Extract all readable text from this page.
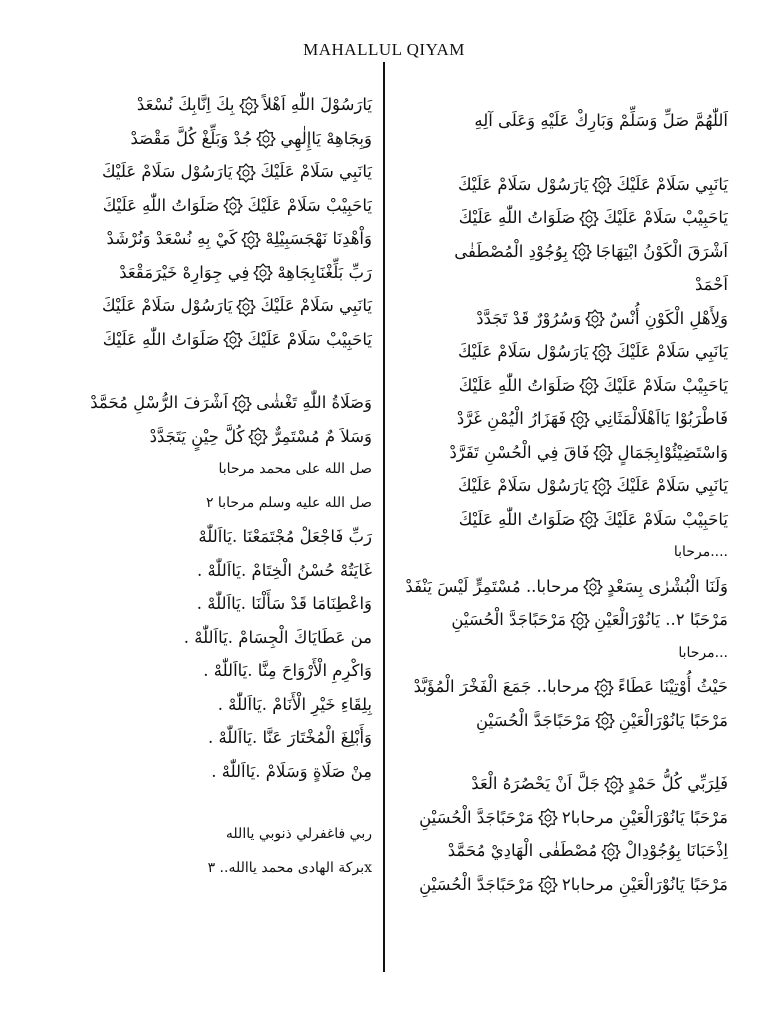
MAHALLUL QIYAM
يَارَسُوْلَ اللّٰهِ اَهْلاً
بِكَ اِنَّابِكَ نُسْعَدْ
وَبِجَاهِهْ يَاإِلٰهِي
جُدْ وَبَلِّغْ كُلَّ مَقْصَدْ
يَانَبِي سَلَامْ عَلَيْكَ
يَارَسُوْل سَلَامْ عَلَيْكَ
يَاحَبِيْبْ سَلَامْ عَلَيْكَ
صَلَوَاتُ اللّٰهِ عَلَيْكَ
وَاْهْدِنَا نَهْجَسَبِيْلِهْ
كَيْ بِهِ نُسْعَدْ وَنُرْشَدْ
رَبِّ بَلِّغْنَابِجَاهِهْ
فِي جِوَارِهْ خَيْرَمَقْعَدْ
يَانَبِي سَلَامْ عَلَيْكَ
يَارَسُوْل سَلَامْ عَلَيْكَ
يَاحَبِيْبْ سَلَامْ عَلَيْكَ
صَلَوَاتُ اللّٰهِ عَلَيْكَ
وَصَلَاةُ اللّٰهِ تَغْشٰى
اَشْرَفَ الرُّسْلِ مُحَمَّدْ
وَسَلاَ مٌ مُسْتَمِرٌّ
كُلَّ حِيْنٍ يَتَجَدَّدْ
صل الله على محمد مرحابا
صل الله عليه وسلم مرحابا ٢
رَبِّ فَاجْعَلْ مُجْتَمَعْنَا .يَااَللّٰهْ
غَايَتُهْ حُسْنُ الْخِتَامْ .يَااَللّٰهْ .
وَاعْطِنَامَا قَدْ سَأَلْنَا .يَااَللّٰهْ .
من عَطَايَاكَ الْجِسَامْ .يَااَللّٰهْ .
وَاكْرِمِ الْأَرْوَاحَ مِنَّا .يَااَللّٰهْ .
بِلِقَاءِ خَيْرِ الْأَنَامْ .يَااَللّٰهْ .
وَأَبْلِغَ الْمُخْتَارَ عَنَّا .يَااَللّٰهْ .
مِنْ صَلَاةٍ وَسَلَامْ .يَااَللّٰهْ .
ربي فاغفرلي ذنوبي ياالله
xبركة الهادى محمد ياالله.. ٣
اَللّٰهُمَّ صَلِّ وَسَلِّمْ وَبَارِكْ عَلَيْهِ وَعَلَى آلِهِ
يَانَبِي سَلَامْ عَلَيْكَ
يَارَسُوْل سَلَامْ عَلَيْكَ
يَاحَبِيْبْ سَلَامْ عَلَيْكَ
صَلَوَاتُ اللّٰهِ عَلَيْكَ
اَشْرَقَ الْكَوْنُ ابْتِهَاجَا
بِوُجُوْدِ الْمُصْطَفٰى
اَحْمَدْ
وَلِأَهْلِ الْكَوْنِ أُنْسٌ
وَسُرُوْرٌ قَدْ تَجَدَّدْ
يَانَبِي سَلَامْ عَلَيْكَ
يَارَسُوْل سَلَامْ عَلَيْكَ
يَاحَبِيْبْ سَلَامْ عَلَيْكَ
صَلَوَاتُ اللّٰهِ عَلَيْكَ
فَاطْرَبُوْا يَااَهْلَالْمَثَانِي
فَهَزَارُ الْيُمْنِ غَرَّدْ
وَاسْتَضِيْئُوْابِجَمَالٍ
فَاقَ فِي الْحُسْنِ تَفَرَّدْ
يَانَبِي سَلَامْ عَلَيْكَ
يَارَسُوْل سَلَامْ عَلَيْكَ
يَاحَبِيْبْ سَلَامْ عَلَيْكَ
صَلَوَاتُ اللّٰهِ عَلَيْكَ
....مرحابا
وَلَنَا الْبُشْرٰى بِسَعْدٍ
مرحابا.. مُسْتَمِرٍّ لَيْسَ يَنْفَدْ
مَرْحَبًا ٢.. يَانُوْرَالْعَيْنِ
مَرْحَبًاجَدَّ الْحُسَيْنِ
...مرحابا
حَيْثُ أُوْتِيْنَا عَطَاءً
مرحابا.. جَمَعَ الْفَخْرَ الْمُؤَبَّدْ
مَرْحَبًا يَانُوْرَالْعَيْنِ
مَرْحَبًاجَدَّ الْحُسَيْنِ
فَلِرَبِّي كُلُّ حَمْدٍ
جَلَّ اَنْ يَحْصُرَهُ الْعَدْ
مَرْحَبًا يَانُوْرَالْعَيْنِ مرحابا٢
مَرْحَبًاجَدَّ الْحُسَيْنِ
اِذْحَبَانَا بِوُجُوْدِالْ
مُصْطَفٰى الْهَادِيْ مُحَمَّدْ
مَرْحَبًا يَانُوْرَالْعَيْنِ مرحابا٢
مَرْحَبًاجَدَّ الْحُسَيْنِ
